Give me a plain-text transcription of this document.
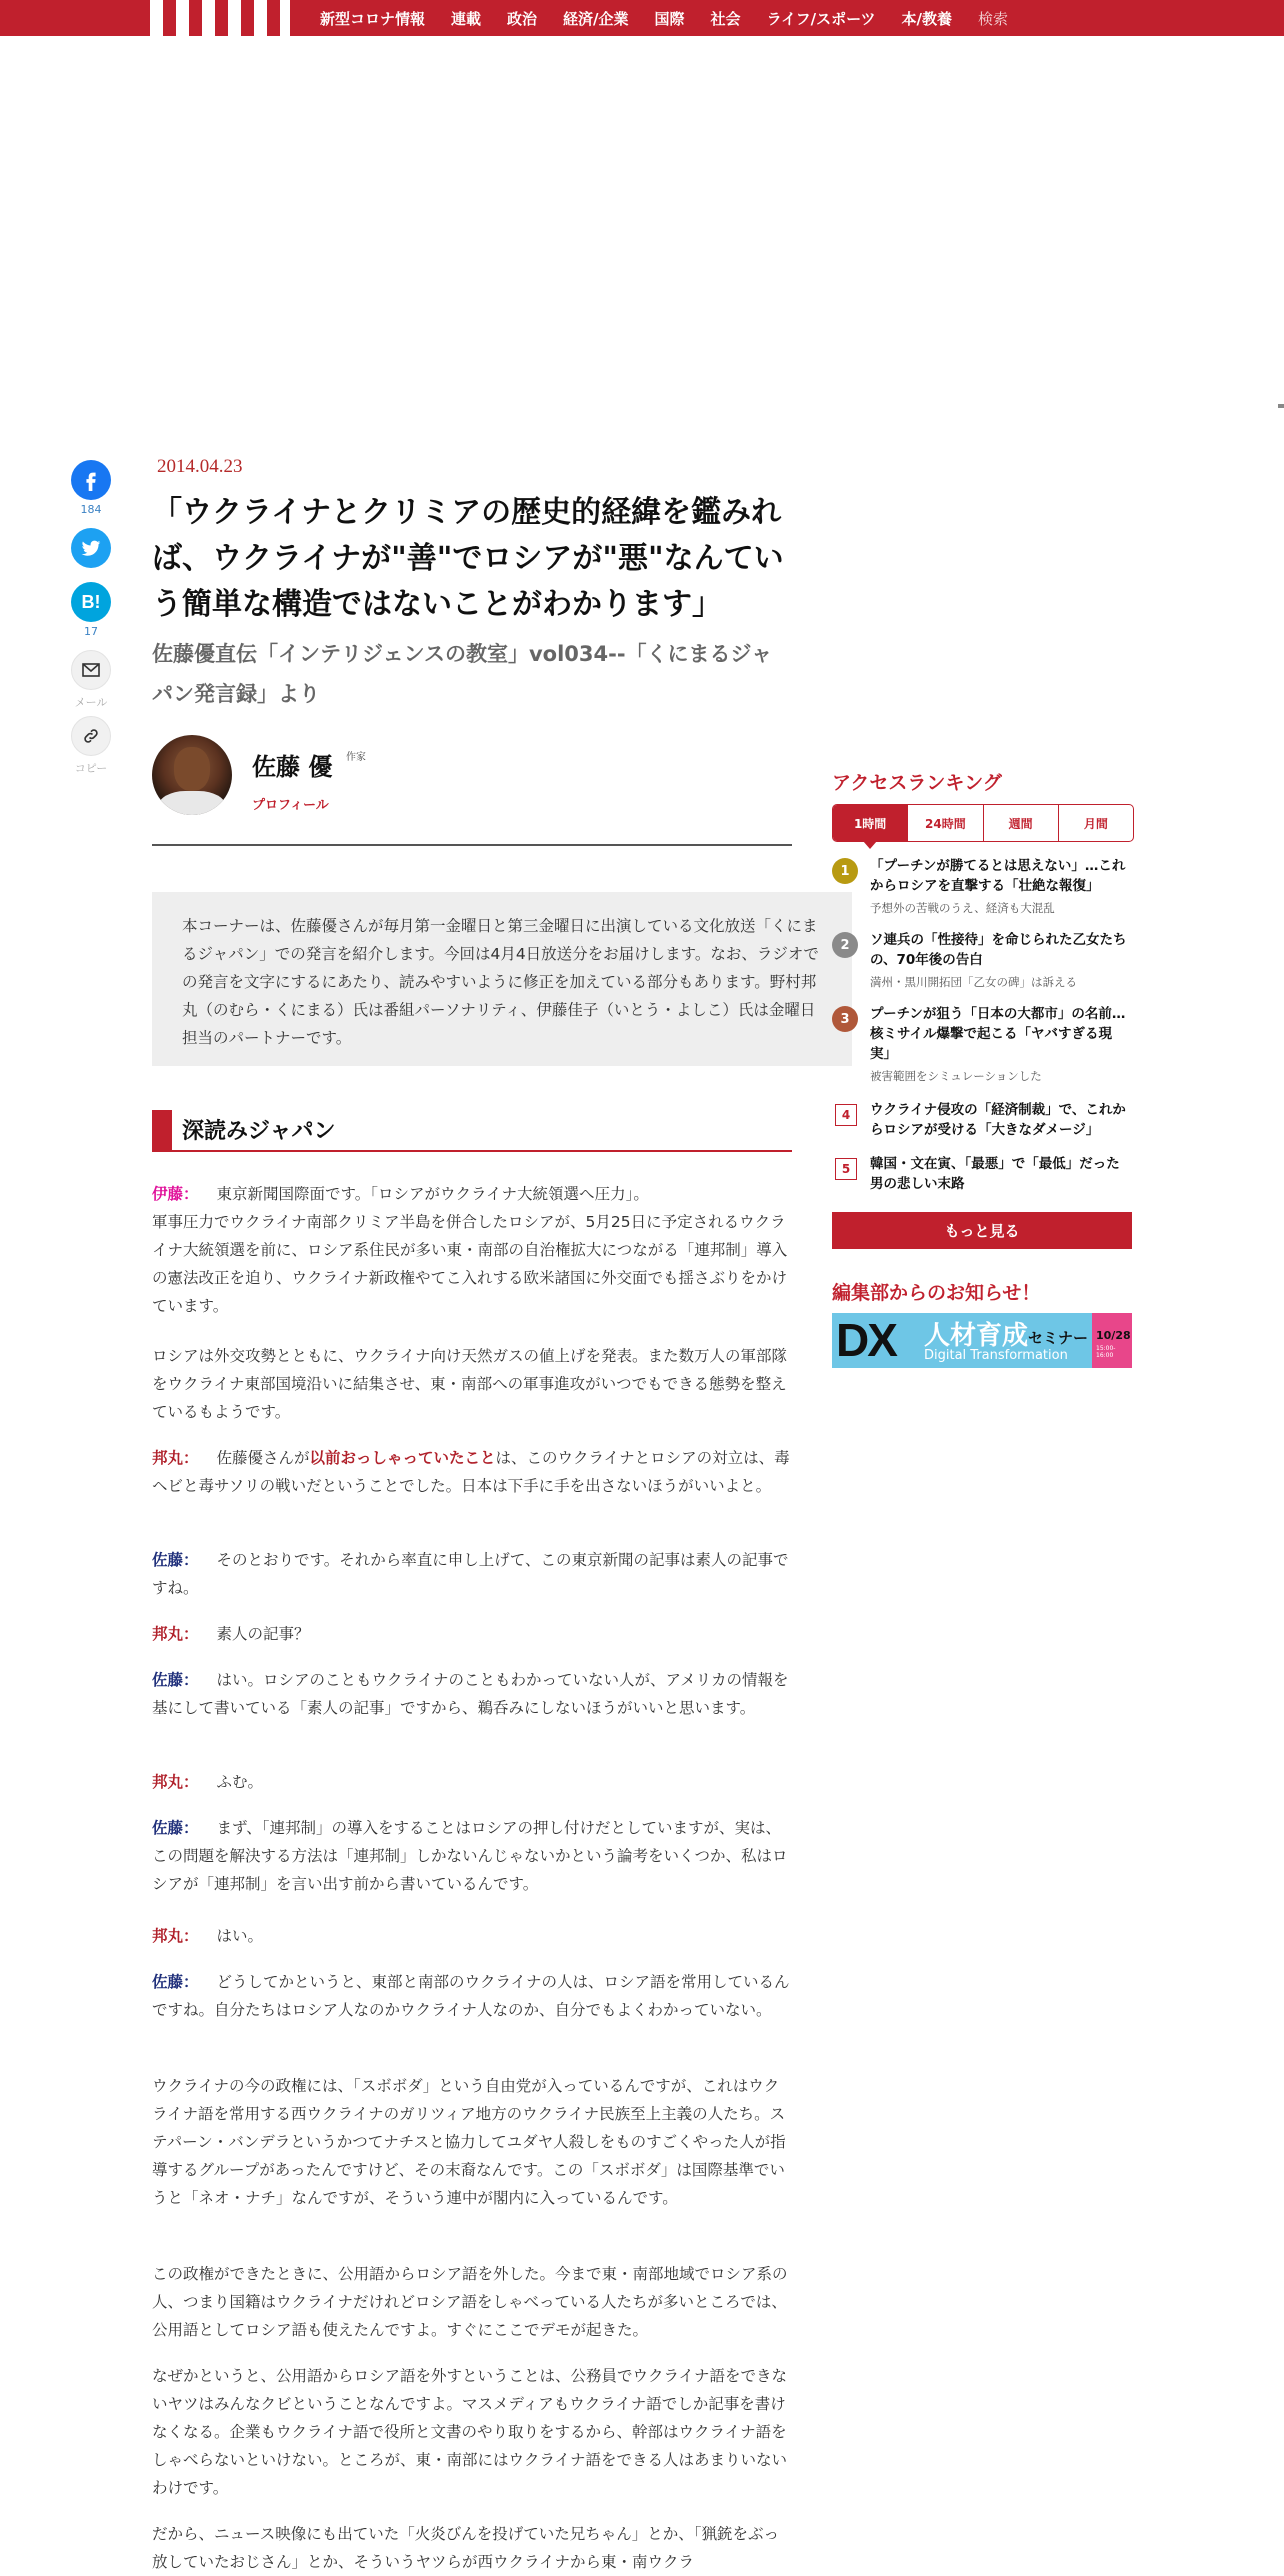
新型コロナ情報 連載 政治 経済/企業 国際 社会 ライフ/スポーツ 本/教養 検索
184
B!
17
メール
コピー
2014.04.23
「ウクライナとクリミアの歴史的経緯を鑑みれば、ウクライナが"善"でロシアが"悪"なんていう簡単な構造ではないことがわかります」
佐藤優直伝「インテリジェンスの教室」vol034--「くにまるジャパン発言録」より
佐藤 優 作家
プロフィール

本コーナーは、佐藤優さんが毎月第一金曜日と第三金曜日に出演している文化放送「くにまるジャパン」での発言を紹介します。今回は4月4日放送分をお届けします。なお、ラジオでの発言を文字にするにあたり、読みやすいように修正を加えている部分もあります。野村邦丸（のむら・くにまる）氏は番組パーソナリティ、伊藤佳子（いとう・よしこ）氏は金曜日担当のパートナーです。

深読みジャパン

伊藤： 東京新聞国際面です。「ロシアがウクライナ大統領選へ圧力」。
軍事圧力でウクライナ南部クリミア半島を併合したロシアが、5月25日に予定されるウクライナ大統領選を前に、ロシア系住民が多い東・南部の自治権拡大につながる「連邦制」導入の憲法改正を迫り、ウクライナ新政権やてこ入れする欧米諸国に外交面でも揺さぶりをかけています。

ロシアは外交攻勢とともに、ウクライナ向け天然ガスの値上げを発表。また数万人の軍部隊をウクライナ東部国境沿いに結集させ、東・南部への軍事進攻がいつでもできる態勢を整えているもようです。

邦丸： 佐藤優さんが以前おっしゃっていたことは、このウクライナとロシアの対立は、毒ヘビと毒サソリの戦いだということでした。日本は下手に手を出さないほうがいいよと。

佐藤： そのとおりです。それから率直に申し上げて、この東京新聞の記事は素人の記事ですね。

邦丸： 素人の記事？

佐藤： はい。ロシアのこともウクライナのこともわかっていない人が、アメリカの情報を基にして書いている「素人の記事」ですから、鵜呑みにしないほうがいいと思います。

邦丸： ふむ。

佐藤： まず、「連邦制」の導入をすることはロシアの押し付けだとしていますが、実は、この問題を解決する方法は「連邦制」しかないんじゃないかという論考をいくつか、私はロシアが「連邦制」を言い出す前から書いているんです。

邦丸： はい。

佐藤： どうしてかというと、東部と南部のウクライナの人は、ロシア語を常用しているんですね。自分たちはロシア人なのかウクライナ人なのか、自分でもよくわかっていない。

ウクライナの今の政権には、「スボボダ」という自由党が入っているんですが、これはウクライナ語を常用する西ウクライナのガリツィア地方のウクライナ民族至上主義の人たち。ステパーン・バンデラというかつてナチスと協力してユダヤ人殺しをものすごくやった人が指導するグループがあったんですけど、その末裔なんです。この「スボボダ」は国際基準でいうと「ネオ・ナチ」なんですが、そういう連中が閣内に入っているんです。

この政権ができたときに、公用語からロシア語を外した。今まで東・南部地域でロシア系の人、つまり国籍はウクライナだけれどロシア語をしゃべっている人たちが多いところでは、公用語としてロシア語も使えたんですよ。すぐにここでデモが起きた。

なぜかというと、公用語からロシア語を外すということは、公務員でウクライナ語をできないヤツはみんなクビということなんですよ。マスメディアもウクライナ語でしか記事を書けなくなる。企業もウクライナ語で役所と文書のやり取りをするから、幹部はウクライナ語をしゃべらないといけない。ところが、東・南部にはウクライナ語をできる人はあまりいないわけです。

だから、ニュース映像にも出ていた「火炎びんを投げていた兄ちゃん」とか、「猟銃をぶっ放していたおじさん」とか、そういうヤツらが西ウクライナから東・南ウクラ

アクセスランキング
1時間	24時間	週間	月間
1	「プーチンが勝てるとは思えない」…これからロシアを直撃する「壮絶な報復」
予想外の苦戦のうえ、経済も大混乱
2	ソ連兵の「性接待」を命じられた乙女たちの、70年後の告白
満州・黒川開拓団「乙女の碑」は訴える
3	プーチンが狙う「日本の大都市」の名前…核ミサイル爆撃で起こる「ヤバすぎる現実」
被害範囲をシミュレーションした
4	ウクライナ侵攻の「経済制裁」で、これからロシアが受ける「大きなダメージ」
5	韓国・文在寅、「最悪」で「最低」だった男の悲しい末路
もっと見る
編集部からのお知らせ！
DX 人材育成 セミナー
Digital Transformation
10/28
15:00-16:00
